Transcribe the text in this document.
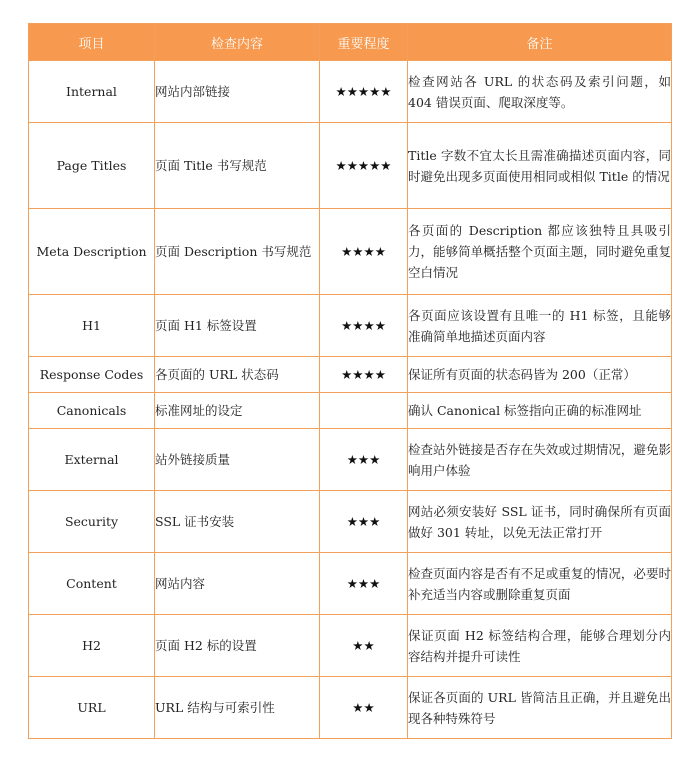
项目	检查内容	重要程度	备注
Internal	网站内部链接	★★★★★	检查网站各 URL 的状态码及索引问题，如 404 错误页面、爬取深度等。

Page Titles	页面 Title 书写规范	★★★★★	Title 字数不宜太长且需准确描述页面内容，同时避免出现多页面使用相同或相似 Title 的情况

Meta Description	页面 Description 书写规范	★★★★	各页面的 Description 都应该独特且具吸引力，能够简单概括整个页面主题，同时避免重复空白情况

H1	页面 H1 标签设置	★★★★	各页面应该设置有且唯一的 H1 标签，且能够准确简单地描述页面内容

Response Codes	各页面的 URL 状态码	★★★★	保证所有页面的状态码皆为 200（正常）

Canonicals	标准网址的设定		确认 Canonical 标签指向正确的标准网址

External	站外链接质量	★★★	检查站外链接是否存在失效或过期情况，避免影响用户体验

Security	SSL 证书安装	★★★	网站必须安装好 SSL 证书，同时确保所有页面做好 301 转址，以免无法正常打开

Content	网站内容	★★★	检查页面内容是否有不足或重复的情况，必要时补充适当内容或删除重复页面

H2	页面 H2 标的设置	★★	保证页面 H2 标签结构合理，能够合理划分内容结构并提升可读性

URL	URL 结构与可索引性	★★	保证各页面的 URL 皆简洁且正确，并且避免出现各种特殊符号
